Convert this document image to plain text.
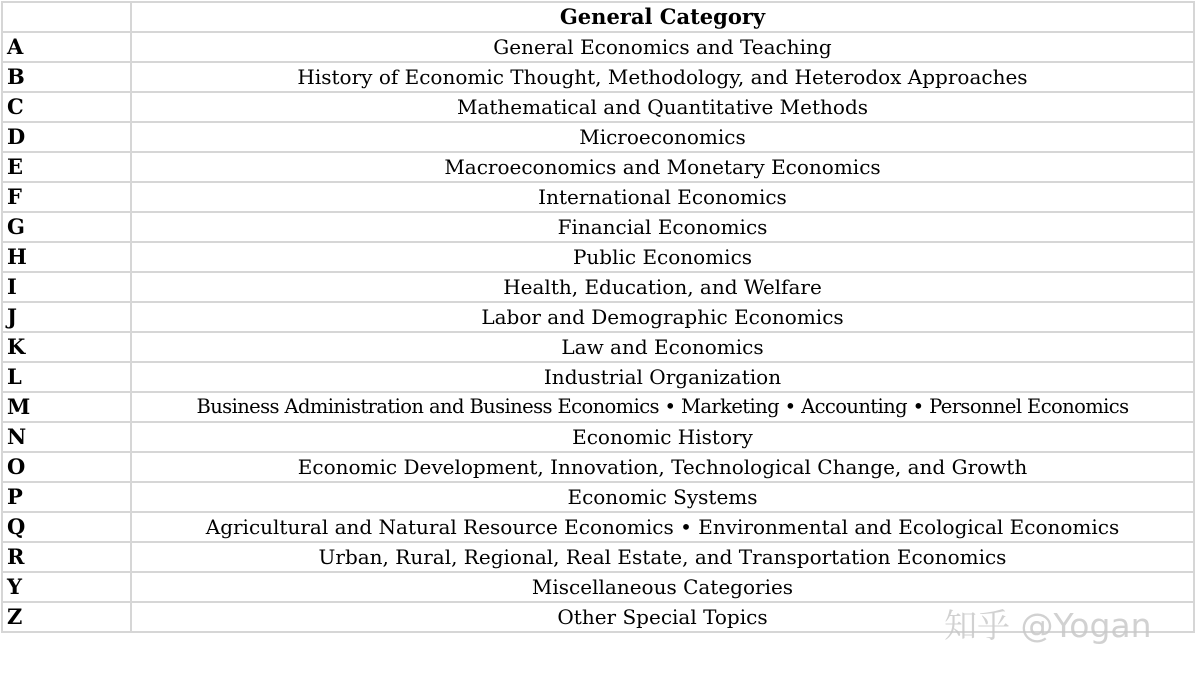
	General Category
A	General Economics and Teaching
B	History of Economic Thought, Methodology, and Heterodox Approaches
C	Mathematical and Quantitative Methods
D	Microeconomics
E	Macroeconomics and Monetary Economics
F	International Economics
G	Financial Economics
H	Public Economics
I	Health, Education, and Welfare
J	Labor and Demographic Economics
K	Law and Economics
L	Industrial Organization
M	Business Administration and Business Economics • Marketing • Accounting • Personnel Economics
N	Economic History
O	Economic Development, Innovation, Technological Change, and Growth
P	Economic Systems
Q	Agricultural and Natural Resource Economics • Environmental and Ecological Economics
R	Urban, Rural, Regional, Real Estate, and Transportation Economics
Y	Miscellaneous Categories
Z	Other Special Topics	知乎 @Yogan
